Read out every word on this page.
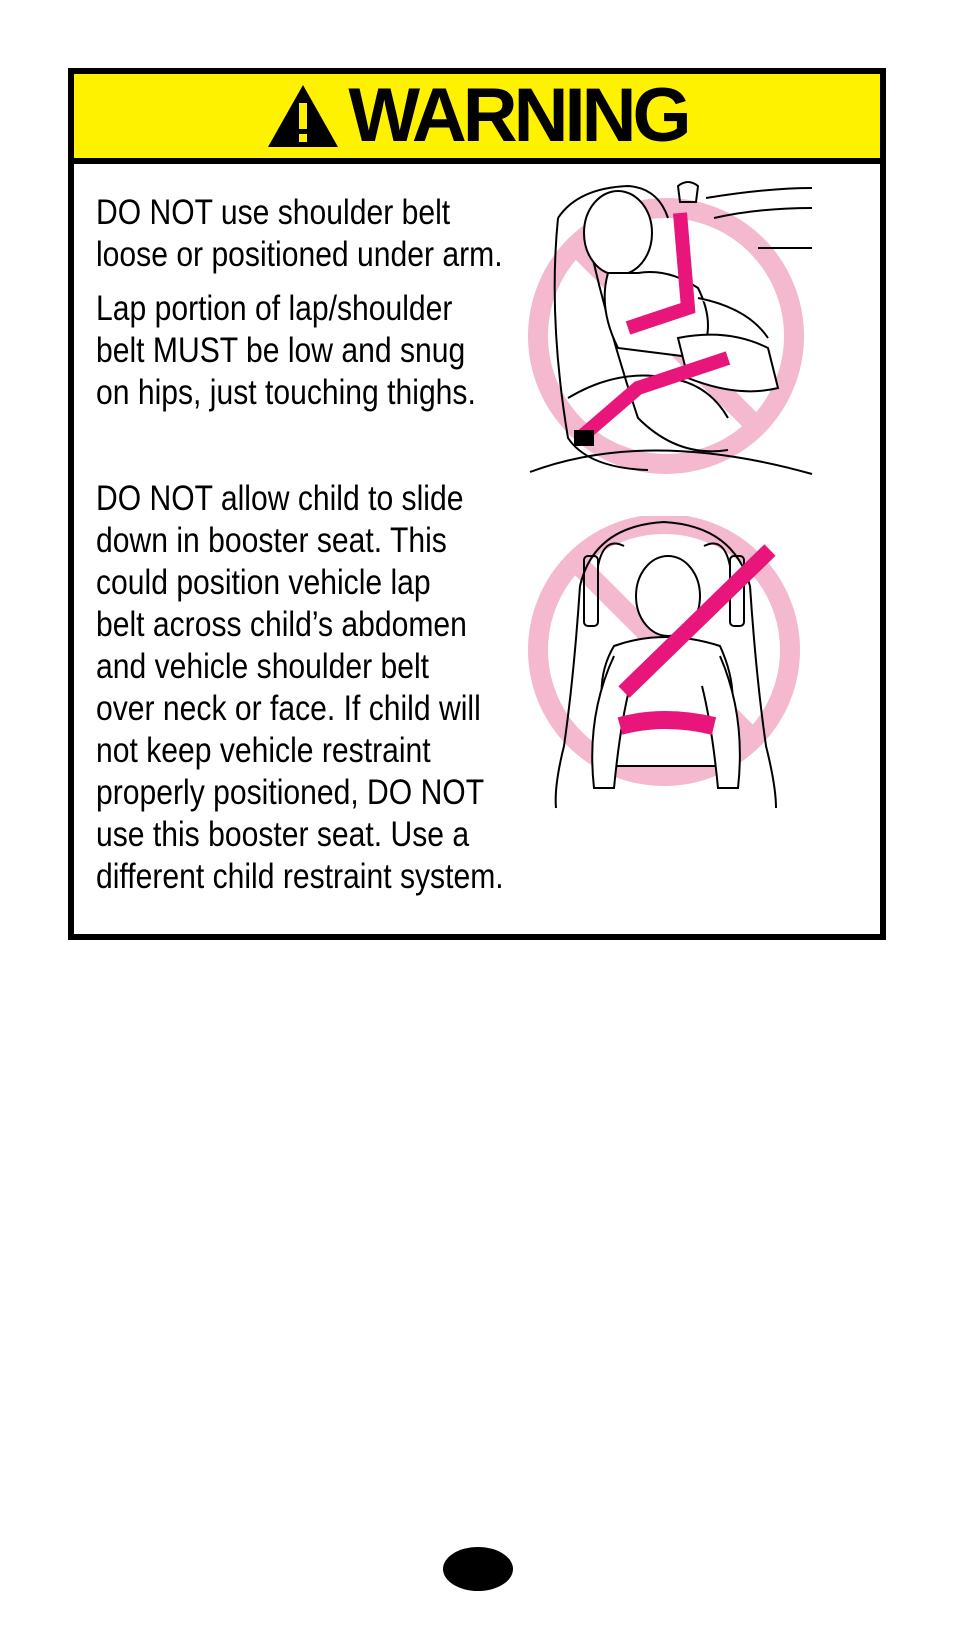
WARNING

DO NOT use shoulder belt
loose or positioned under arm.

Lap portion of lap/shoulder
belt MUST be low and snug
on hips, just touching thighs.

DO NOT allow child to slide
down in booster seat. This
could position vehicle lap
belt across child’s abdomen
and vehicle shoulder belt
over neck or face. If child will
not keep vehicle restraint
properly positioned, DO NOT
use this booster seat. Use a
different child restraint system.
